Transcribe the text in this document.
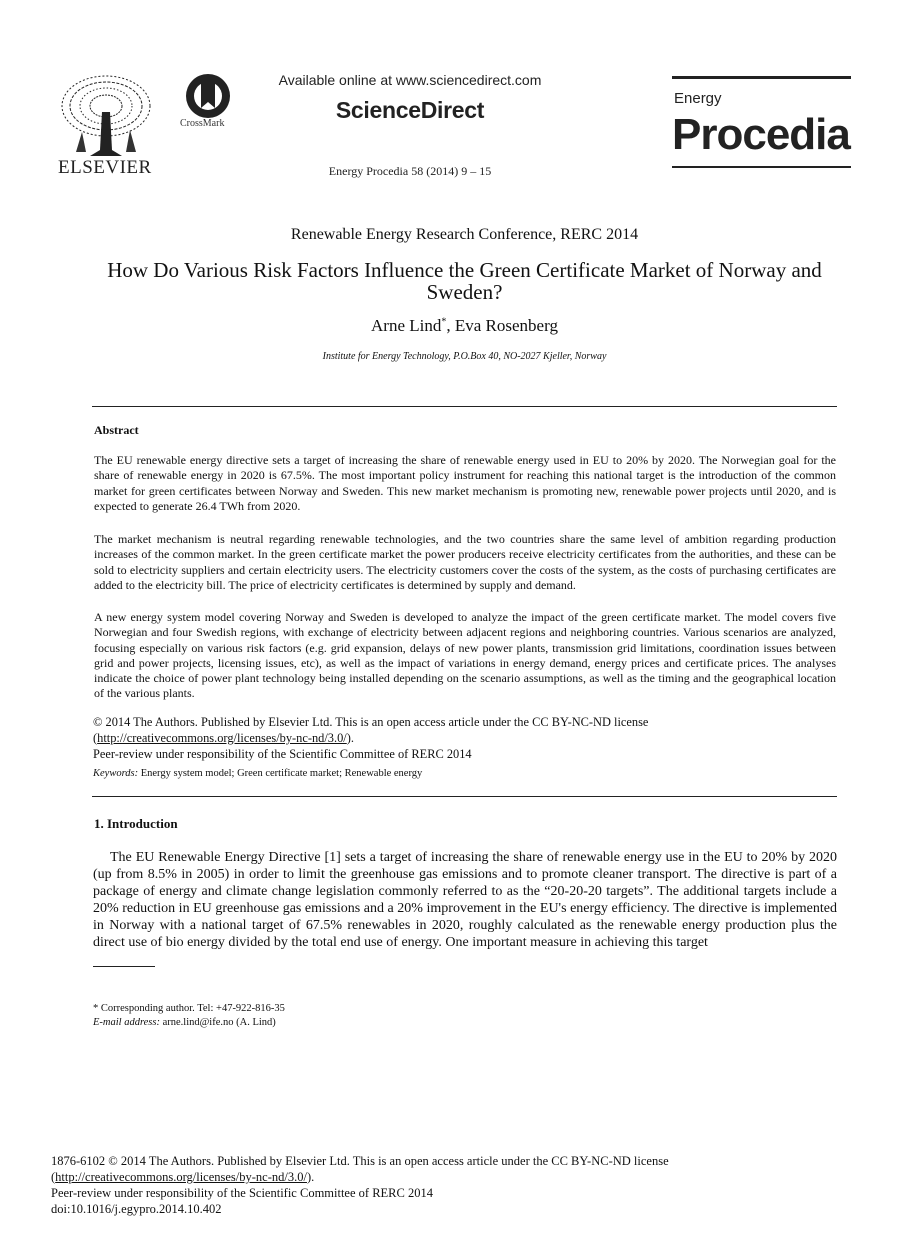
ELSEVIER
CrossMark
Available online at www.sciencedirect.com
ScienceDirect
Energy Procedia 58 (2014) 9 – 15
Energy
Procedia
Renewable Energy Research Conference, RERC 2014
How Do Various Risk Factors Influence the Green Certificate Market of Norway and Sweden?
Arne Lind*, Eva Rosenberg
Institute for Energy Technology, P.O.Box 40, NO-2027 Kjeller, Norway
Abstract
The EU renewable energy directive sets a target of increasing the share of renewable energy used in EU to 20% by 2020. The Norwegian goal for the share of renewable energy in 2020 is 67.5%. The most important policy instrument for reaching this national target is the introduction of the common market for green certificates between Norway and Sweden. This new market mechanism is promoting new, renewable power projects until 2020, and is expected to generate 26.4 TWh from 2020.
The market mechanism is neutral regarding renewable technologies, and the two countries share the same level of ambition regarding production increases of the common market. In the green certificate market the power producers receive electricity certificates from the authorities, and these can be sold to electricity suppliers and certain electricity users. The electricity customers cover the costs of the system, as the costs of purchasing certificates are added to the electricity bill. The price of electricity certificates is determined by supply and demand.
A new energy system model covering Norway and Sweden is developed to analyze the impact of the green certificate market. The model covers five Norwegian and four Swedish regions, with exchange of electricity between adjacent regions and neighboring countries. Various scenarios are analyzed, focusing especially on various risk factors (e.g. grid expansion, delays of new power plants, transmission grid limitations, coordination issues between grid and power projects, licensing issues, etc), as well as the impact of variations in energy demand, energy prices and certificate prices. The analyses indicate the choice of power plant technology being installed depending on the scenario assumptions, as well as the timing and the geographical location of the various plants.
© 2014 The Authors. Published by Elsevier Ltd. This is an open access article under the CC BY-NC-ND license
(http://creativecommons.org/licenses/by-nc-nd/3.0/).
Peer-review under responsibility of the Scientific Committee of RERC 2014
Keywords: Energy system model; Green certificate market; Renewable energy
1. Introduction
The EU Renewable Energy Directive [1] sets a target of increasing the share of renewable energy use in the EU to 20% by 2020 (up from 8.5% in 2005) in order to limit the greenhouse gas emissions and to promote cleaner transport. The directive is part of a package of energy and climate change legislation commonly referred to as the “20-20-20 targets”. The additional targets include a 20% reduction in EU greenhouse gas emissions and a 20% improvement in the EU's energy efficiency. The directive is implemented in Norway with a national target of 67.5% renewables in 2020, roughly calculated as the renewable energy production plus the direct use of bio energy divided by the total end use of energy. One important measure in achieving this target
* Corresponding author. Tel: +47-922-816-35
E-mail address: arne.lind@ife.no (A. Lind)
1876-6102 © 2014 The Authors. Published by Elsevier Ltd. This is an open access article under the CC BY-NC-ND license
(http://creativecommons.org/licenses/by-nc-nd/3.0/).
Peer-review under responsibility of the Scientific Committee of RERC 2014
doi:10.1016/j.egypro.2014.10.402
